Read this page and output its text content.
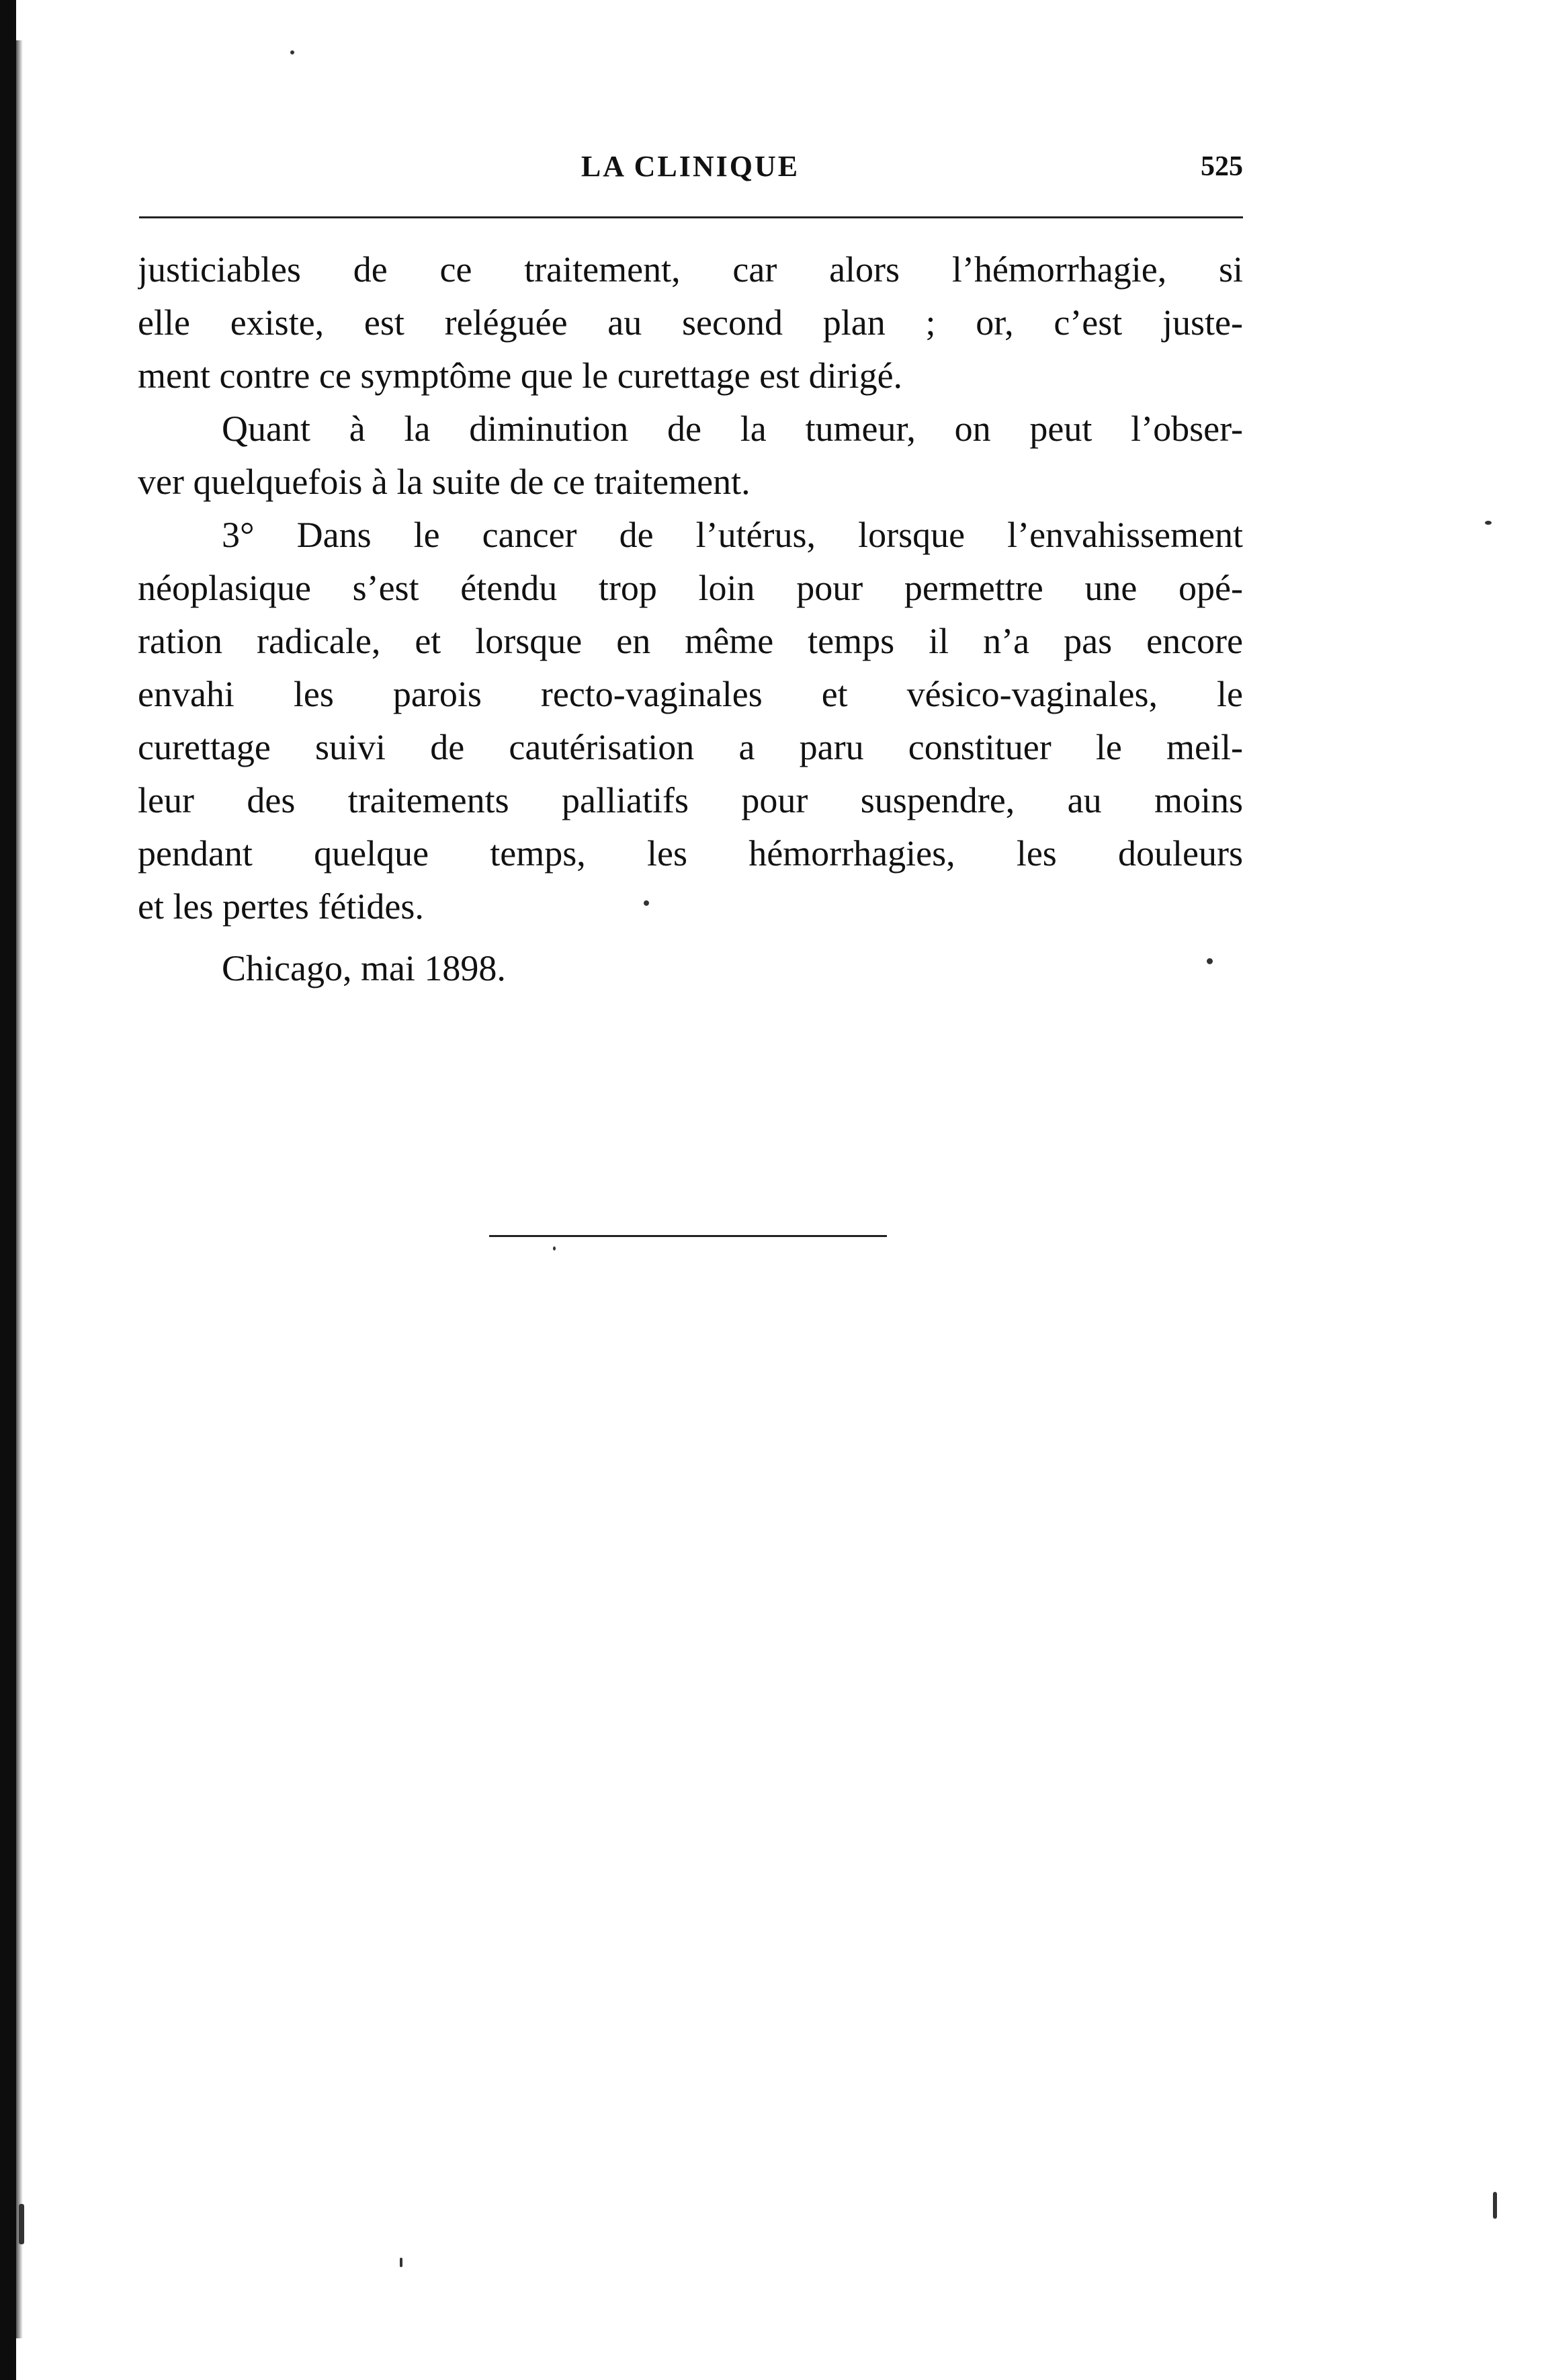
LA CLINIQUE	525
justiciables de ce traitement, car alors l’hémorrhagie, si
elle existe, est reléguée au second plan ; or, c’est juste-
ment contre ce symptôme que le curettage est dirigé.
Quant à la diminution de la tumeur, on peut l’obser-
ver quelquefois à la suite de ce traitement.
3° Dans le cancer de l’utérus, lorsque l’envahissement
néoplasique s’est étendu trop loin pour permettre une opé-
ration radicale, et lorsque en même temps il n’a pas encore
envahi les parois recto-vaginales et vésico-vaginales, le
curettage suivi de cautérisation a paru constituer le meil-
leur des traitements palliatifs pour suspendre, au moins
pendant quelque temps, les hémorrhagies, les douleurs
et les pertes fétides.
Chicago, mai 1898.
